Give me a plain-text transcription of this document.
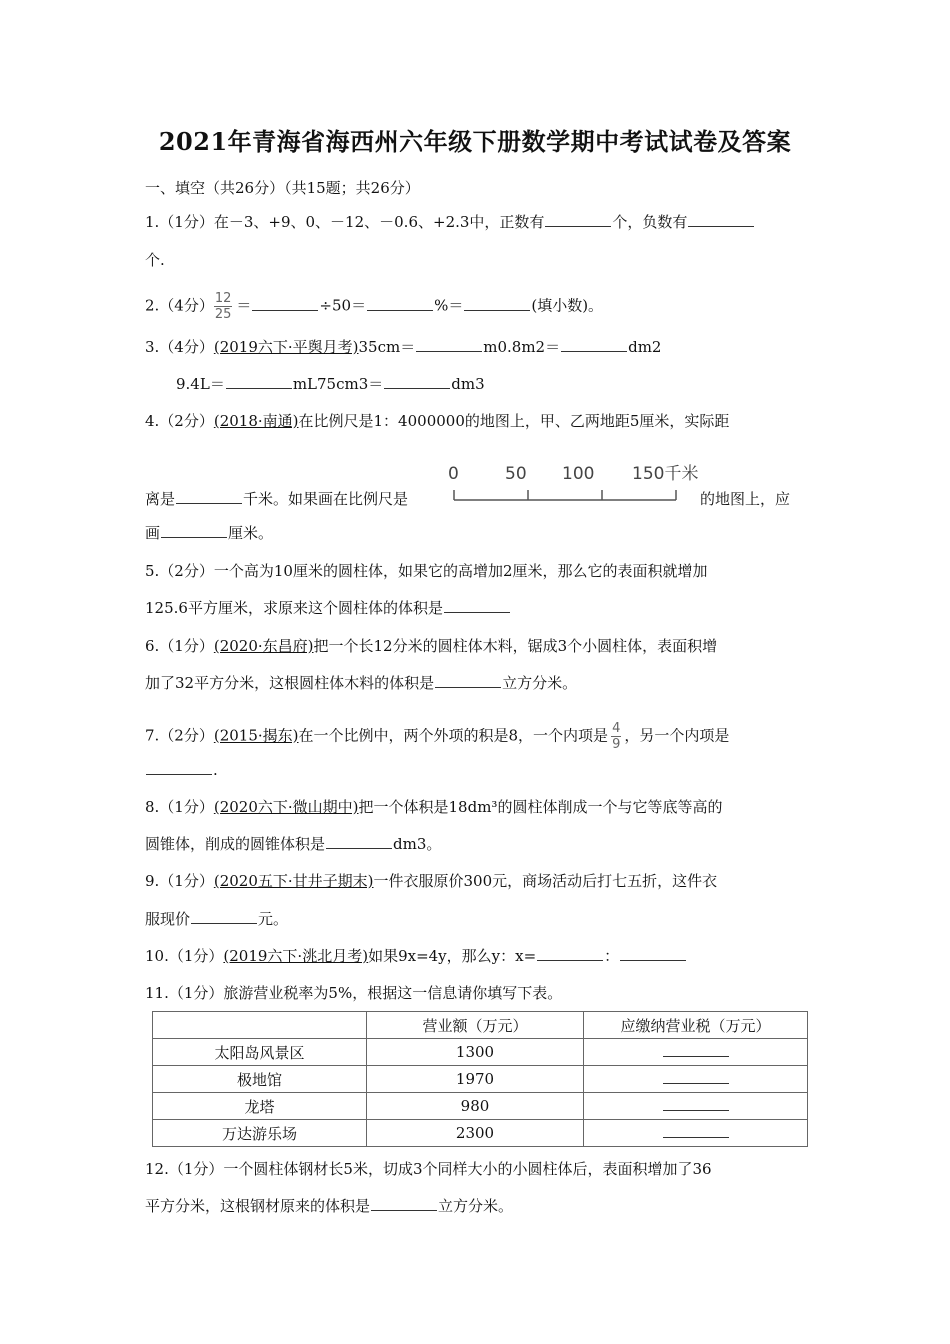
2021年青海省海西州六年级下册数学期中考试试卷及答案
一、填空（共26分）（共15题；共26分）
1.（1分）在－3、+9、0、－12、－0.6、+2.3中，正数有	个，负数有
个.
2.（4分） $\frac{12}{25}$ ＝	÷50＝	%＝	(填小数)。
3.（4分）(2019六下·平舆月考)35cm＝	m0.8m2＝	dm2
9.4L＝	mL75cm3＝	dm3
4.（2分）(2018·南通)在比例尺是1：4000000的地图上，甲、乙两地距5厘米，实际距
0	50 100 150千米
离是	千米。如果画在比例尺是	的地图上，应
画	厘米。
5.（2分）一个高为10厘米的圆柱体，如果它的高增加2厘米，那么它的表面积就增加
125.6平方厘米，求原来这个圆柱体的体积是
6.（1分）(2020·东昌府)把一个长12分米的圆柱体木料，锯成3个小圆柱体，表面积增
加了32平方分米，这根圆柱体木料的体积是	立方分米。
7.（2分）(2015·揭东)在一个比例中，两个外项的积是8，一个内项是 $\frac{4}{9}$ ，另一个内项是
.
8.（1分）(2020六下·微山期中)把一个体积是18dm³的圆柱体削成一个与它等底等高的
圆锥体，削成的圆锥体积是	dm3。
9.（1分）(2020五下·甘井子期末)一件衣服原价300元，商场活动后打七五折，这件衣
服现价	元。
10.（1分）(2019六下·洮北月考)如果9x=4y，那么y：x=	：
11.（1分）旅游营业税率为5%，根据这一信息请你填写下表。
	营业额（万元）	应缴纳营业税（万元）
太阳岛风景区	1300	
极地馆	1970	
龙塔	980	
万达游乐场	2300	
12.（1分）一个圆柱体钢材长5米，切成3个同样大小的小圆柱体后，表面积增加了36
平方分米，这根钢材原来的体积是	立方分米。
